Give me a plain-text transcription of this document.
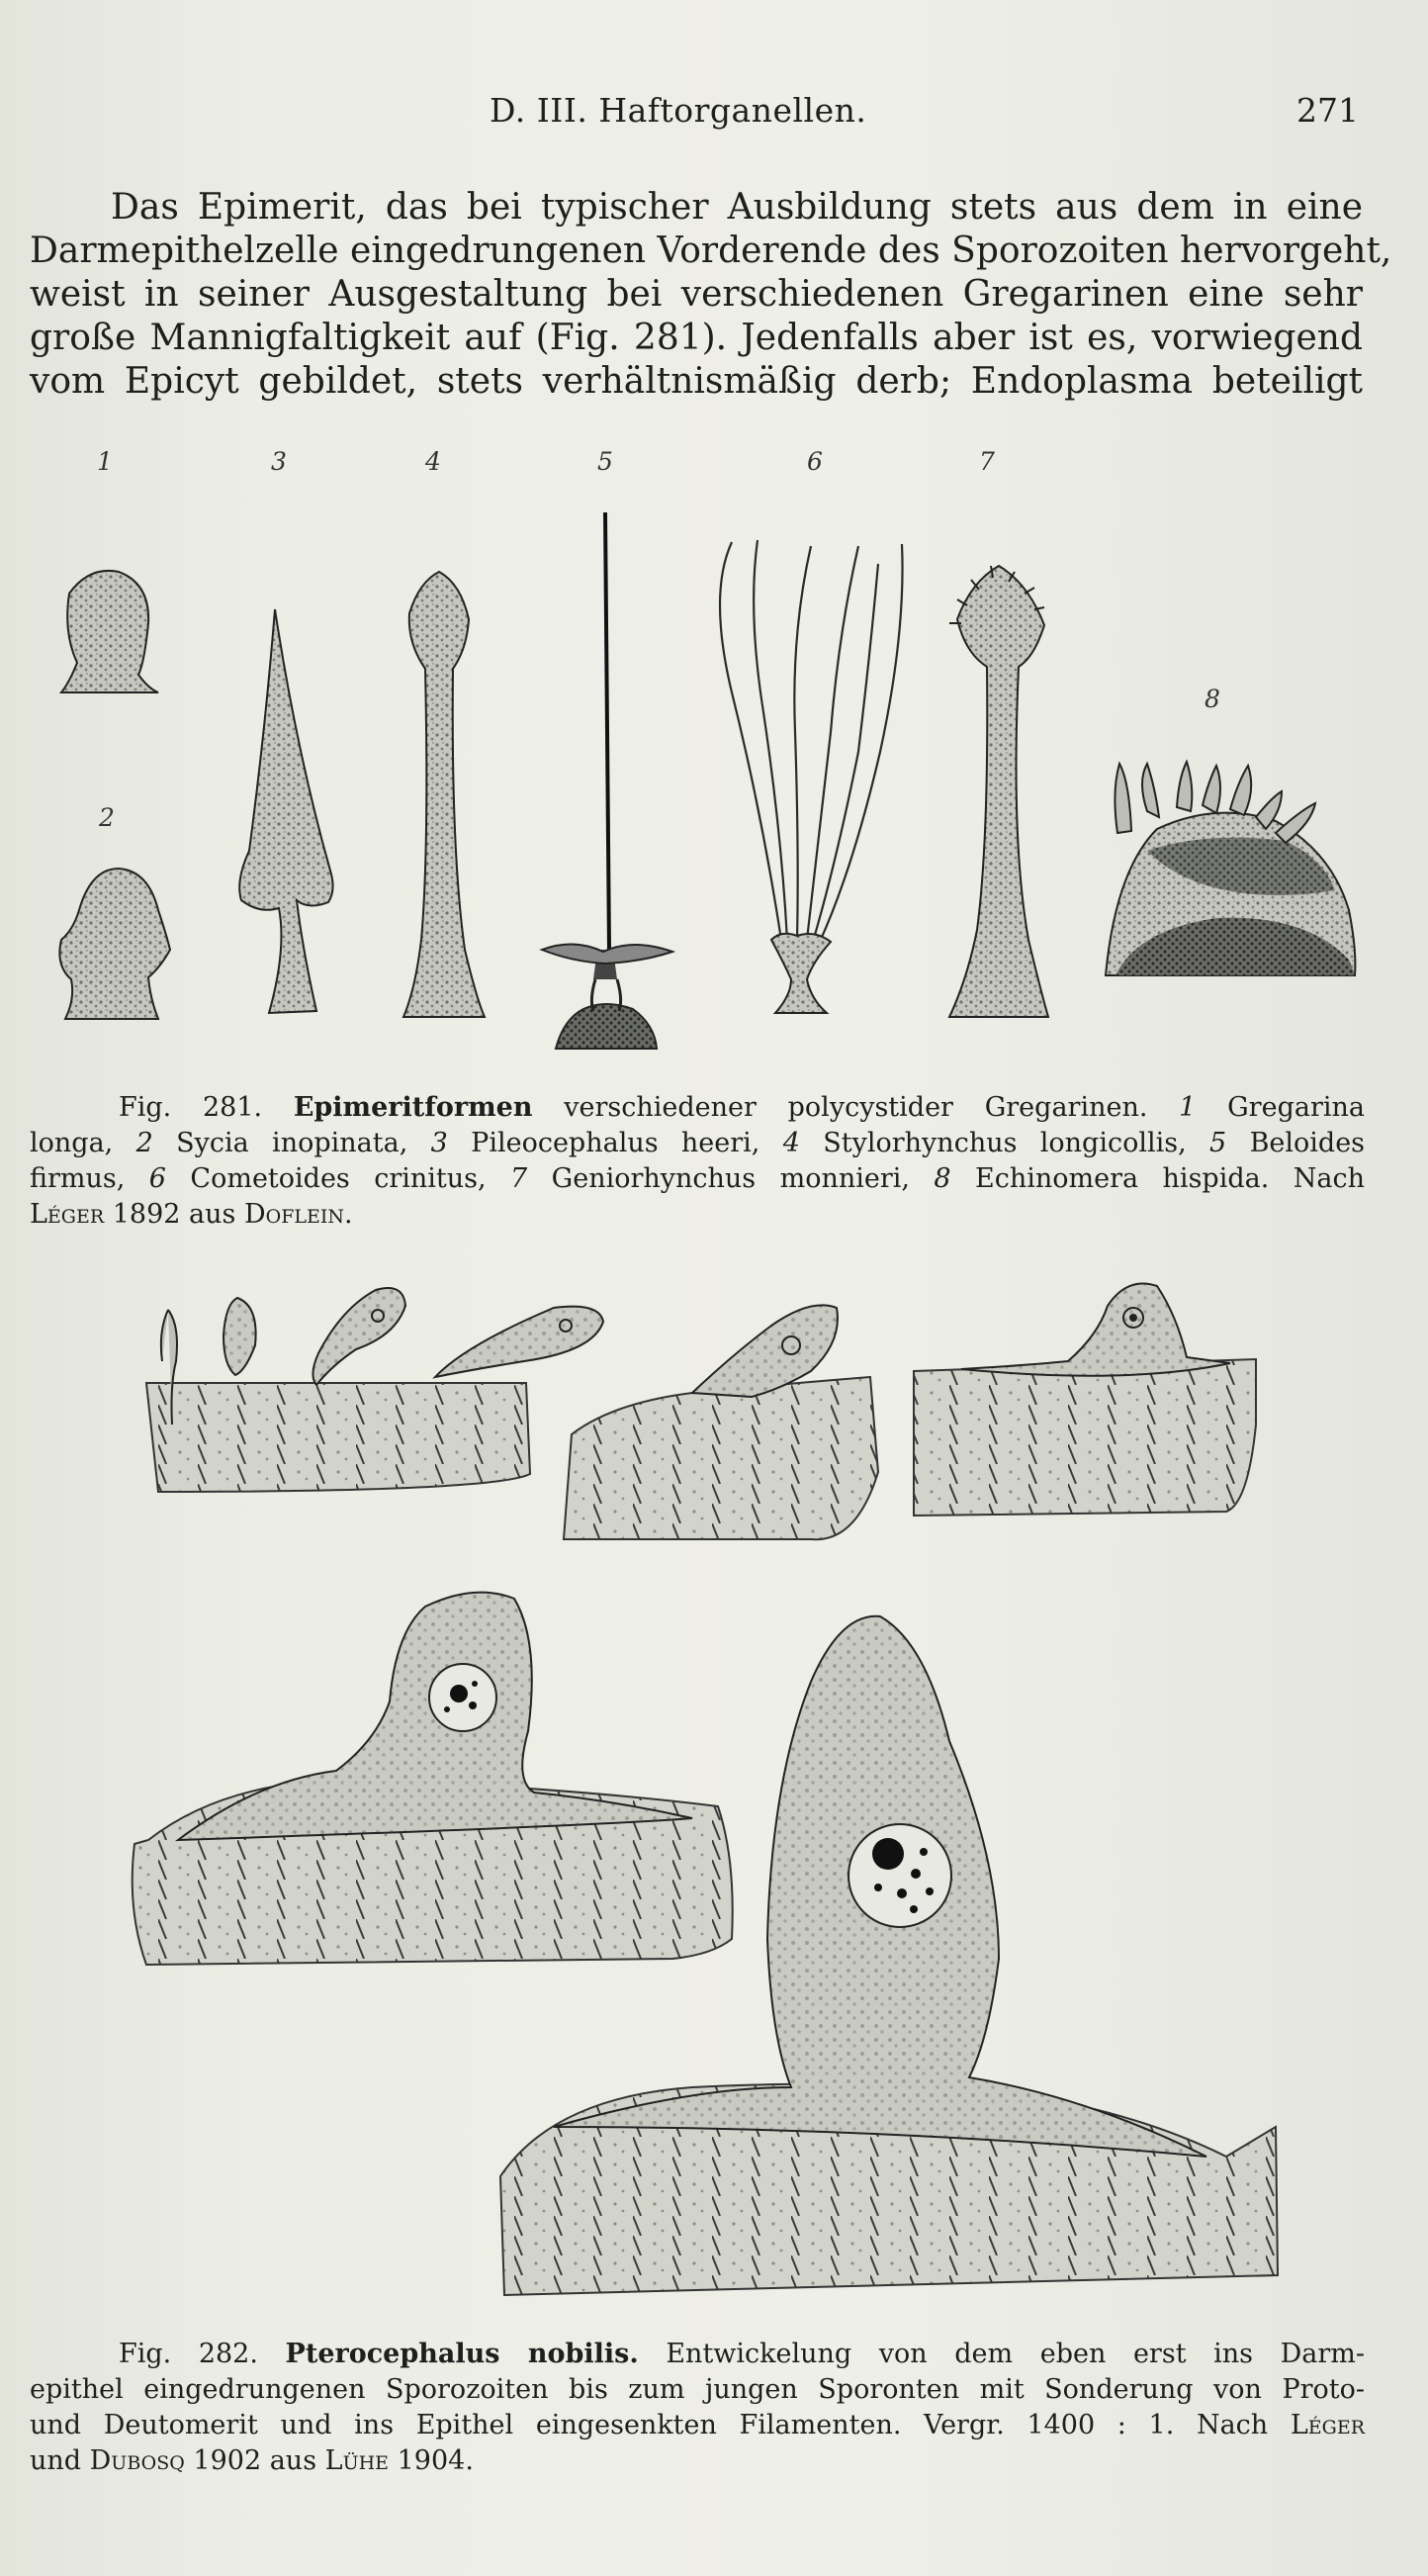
D. III. Haftorganellen.	271
Das Epimerit, das bei typischer Ausbildung stets aus dem in eine
Darmepithelzelle eingedrungenen Vorderende des Sporozoiten hervorgeht,
weist in seiner Ausgestaltung bei verschiedenen Gregarinen eine sehr
große Mannigfaltigkeit auf (Fig. 281). Jedenfalls aber ist es, vorwiegend
vom Epicyt gebildet, stets verhältnismäßig derb; Endoplasma beteiligt
1
2
3	4	5	6	7
8
Fig. 281. Epimeritformen verschiedener polycystider Gregarinen. 1 Gregarina
longa, 2 Sycia inopinata, 3 Pileocephalus heeri, 4 Stylorhynchus longicollis, 5 Beloides
firmus, 6 Cometoides crinitus, 7 Geniorhynchus monnieri, 8 Echinomera hispida. Nach
Léger 1892 aus Doflein.
Fig. 282. Pterocephalus nobilis. Entwickelung von dem eben erst ins Darm-
epithel eingedrungenen Sporozoiten bis zum jungen Sporonten mit Sonderung von Proto-
und Deutomerit und ins Epithel eingesenkten Filamenten. Vergr. 1400 : 1. Nach Léger
und Dubosq 1902 aus Lühe 1904.
